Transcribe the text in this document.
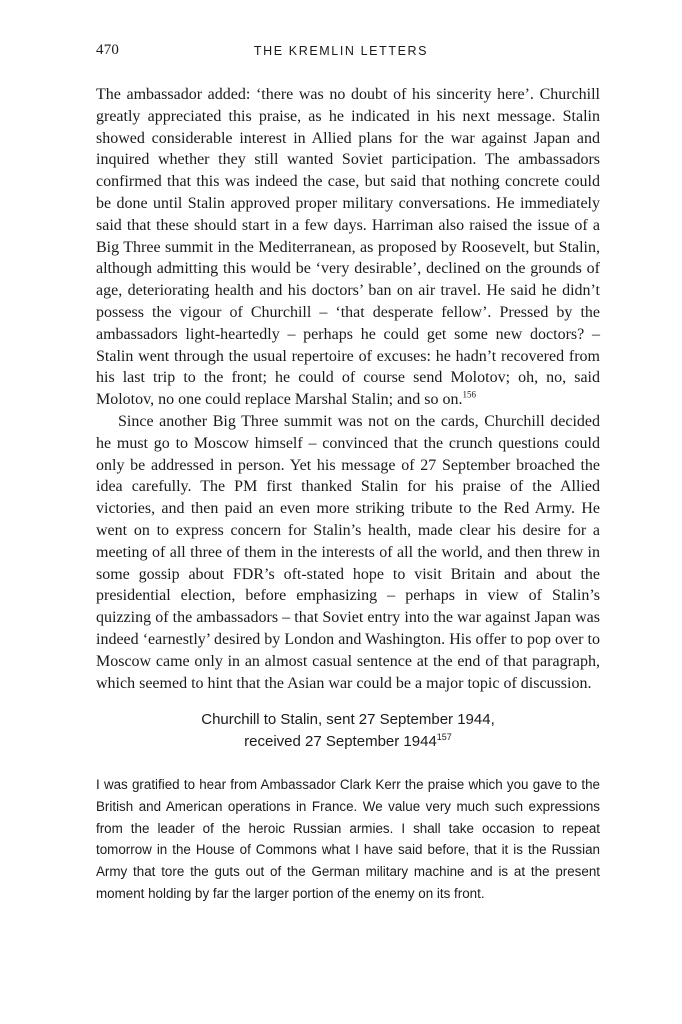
470	THE KREMLIN LETTERS

The ambassador added: ‘there was no doubt of his sincerity here’. Churchill greatly appreciated this praise, as he indicated in his next message. Stalin showed considerable interest in Allied plans for the war against Japan and inquired whether they still wanted Soviet participation. The ambassadors confirmed that this was indeed the case, but said that nothing concrete could be done until Stalin approved proper military conversations. He immediately said that these should start in a few days. Harriman also raised the issue of a Big Three summit in the Mediterranean, as proposed by Roosevelt, but Stalin, although admitting this would be ‘very desirable’, declined on the grounds of age, deteriorating health and his doctors’ ban on air travel. He said he didn’t possess the vigour of Churchill – ‘that desperate fellow’. Pressed by the ambassadors light-heartedly – perhaps he could get some new doctors? – Stalin went through the usual repertoire of excuses: he hadn’t recovered from his last trip to the front; he could of course send Molotov; oh, no, said Molotov, no one could replace Marshal Stalin; and so on.$^{156}$

Since another Big Three summit was not on the cards, Churchill decided he must go to Moscow himself – convinced that the crunch questions could only be addressed in person. Yet his message of 27 September broached the idea carefully. The PM first thanked Stalin for his praise of the Allied victories, and then paid an even more striking tribute to the Red Army. He went on to express concern for Stalin’s health, made clear his desire for a meeting of all three of them in the interests of all the world, and then threw in some gossip about FDR’s oft-stated hope to visit Britain and about the presidential election, before emphasizing – perhaps in view of Stalin’s quizzing of the ambassadors – that Soviet entry into the war against Japan was indeed ‘earnestly’ desired by London and Washington. His offer to pop over to Moscow came only in an almost casual sentence at the end of that paragraph, which seemed to hint that the Asian war could be a major topic of discussion.

Churchill to Stalin, sent 27 September 1944,
received 27 September 1944$^{157}$

I was gratified to hear from Ambassador Clark Kerr the praise which you gave to the British and American operations in France. We value very much such expressions from the leader of the heroic Russian armies. I shall take occasion to repeat tomorrow in the House of Commons what I have said before, that it is the Russian Army that tore the guts out of the German military machine and is at the present moment holding by far the larger portion of the enemy on its front.
